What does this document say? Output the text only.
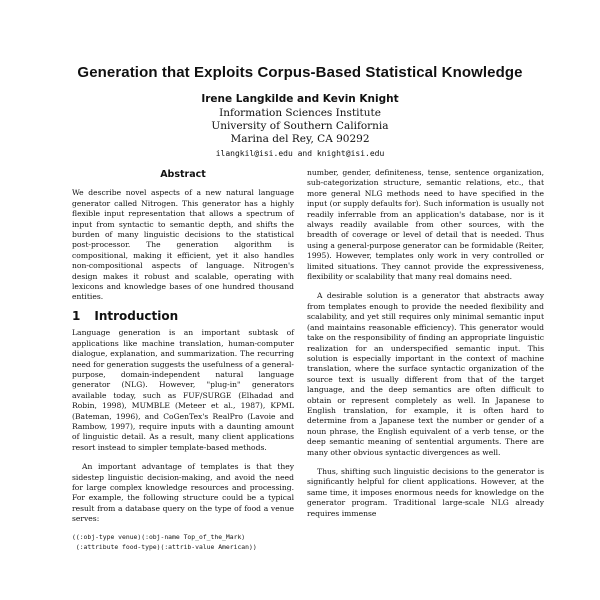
Generation that Exploits Corpus-Based Statistical Knowledge
Irene Langkilde and Kevin Knight
Information Sciences Institute
University of Southern California
Marina del Rey, CA 90292
ilangkil@isi.edu and knight@isi.edu
Abstract

We describe novel aspects of a new natural language generator called Nitrogen. This generator has a highly flexible input representation that allows a spectrum of input from syntactic to semantic depth, and shifts the burden of many linguistic decisions to the statistical post-processor. The generation algorithm is compositional, making it efficient, yet it also handles non-compositional aspects of language. Nitrogen's design makes it robust and scalable, operating with lexicons and knowledge bases of one hundred thousand entities.

1 Introduction

Language generation is an important subtask of applications like machine translation, human-computer dialogue, explanation, and summarization. The recurring need for generation suggests the usefulness of a general-purpose, domain-independent natural language generator (NLG). However, "plug-in" generators available today, such as FUF/SURGE (Elhadad and Robin, 1998), MUMBLE (Meteer et al., 1987), KPML (Bateman, 1996), and CoGenTex's RealPro (Lavoie and Rambow, 1997), require inputs with a daunting amount of linguistic detail. As a result, many client applications resort instead to simpler template-based methods.

An important advantage of templates is that they sidestep linguistic decision-making, and avoid the need for large complex knowledge resources and processing. For example, the following structure could be a typical result from a database query on the type of food a venue serves:

((:obj-type venue)(:obj-name Top_of_the_Mark)
(:attribute food-type)(:attrib-value American))

number, gender, definiteness, tense, sentence organization, sub-categorization structure, semantic relations, etc., that more general NLG methods need to have specified in the input (or supply defaults for). Such information is usually not readily inferrable from an application's database, nor is it always readily available from other sources, with the breadth of coverage or level of detail that is needed. Thus using a general-purpose generator can be formidable (Reiter, 1995). However, templates only work in very controlled or limited situations. They cannot provide the expressiveness, flexibility or scalability that many real domains need.

A desirable solution is a generator that abstracts away from templates enough to provide the needed flexibility and scalability, and yet still requires only minimal semantic input (and maintains reasonable efficiency). This generator would take on the responsibility of finding an appropriate linguistic realization for an underspecified semantic input. This solution is especially important in the context of machine translation, where the surface syntactic organization of the source text is usually different from that of the target language, and the deep semantics are often difficult to obtain or represent completely as well. In Japanese to English translation, for example, it is often hard to determine from a Japanese text the number or gender of a noun phrase, the English equivalent of a verb tense, or the deep semantic meaning of sentential arguments. There are many other obvious syntactic divergences as well.

Thus, shifting such linguistic decisions to the generator is significantly helpful for client applications. However, at the same time, it imposes enormous needs for knowledge on the generator program. Traditional large-scale NLG already requires immense
